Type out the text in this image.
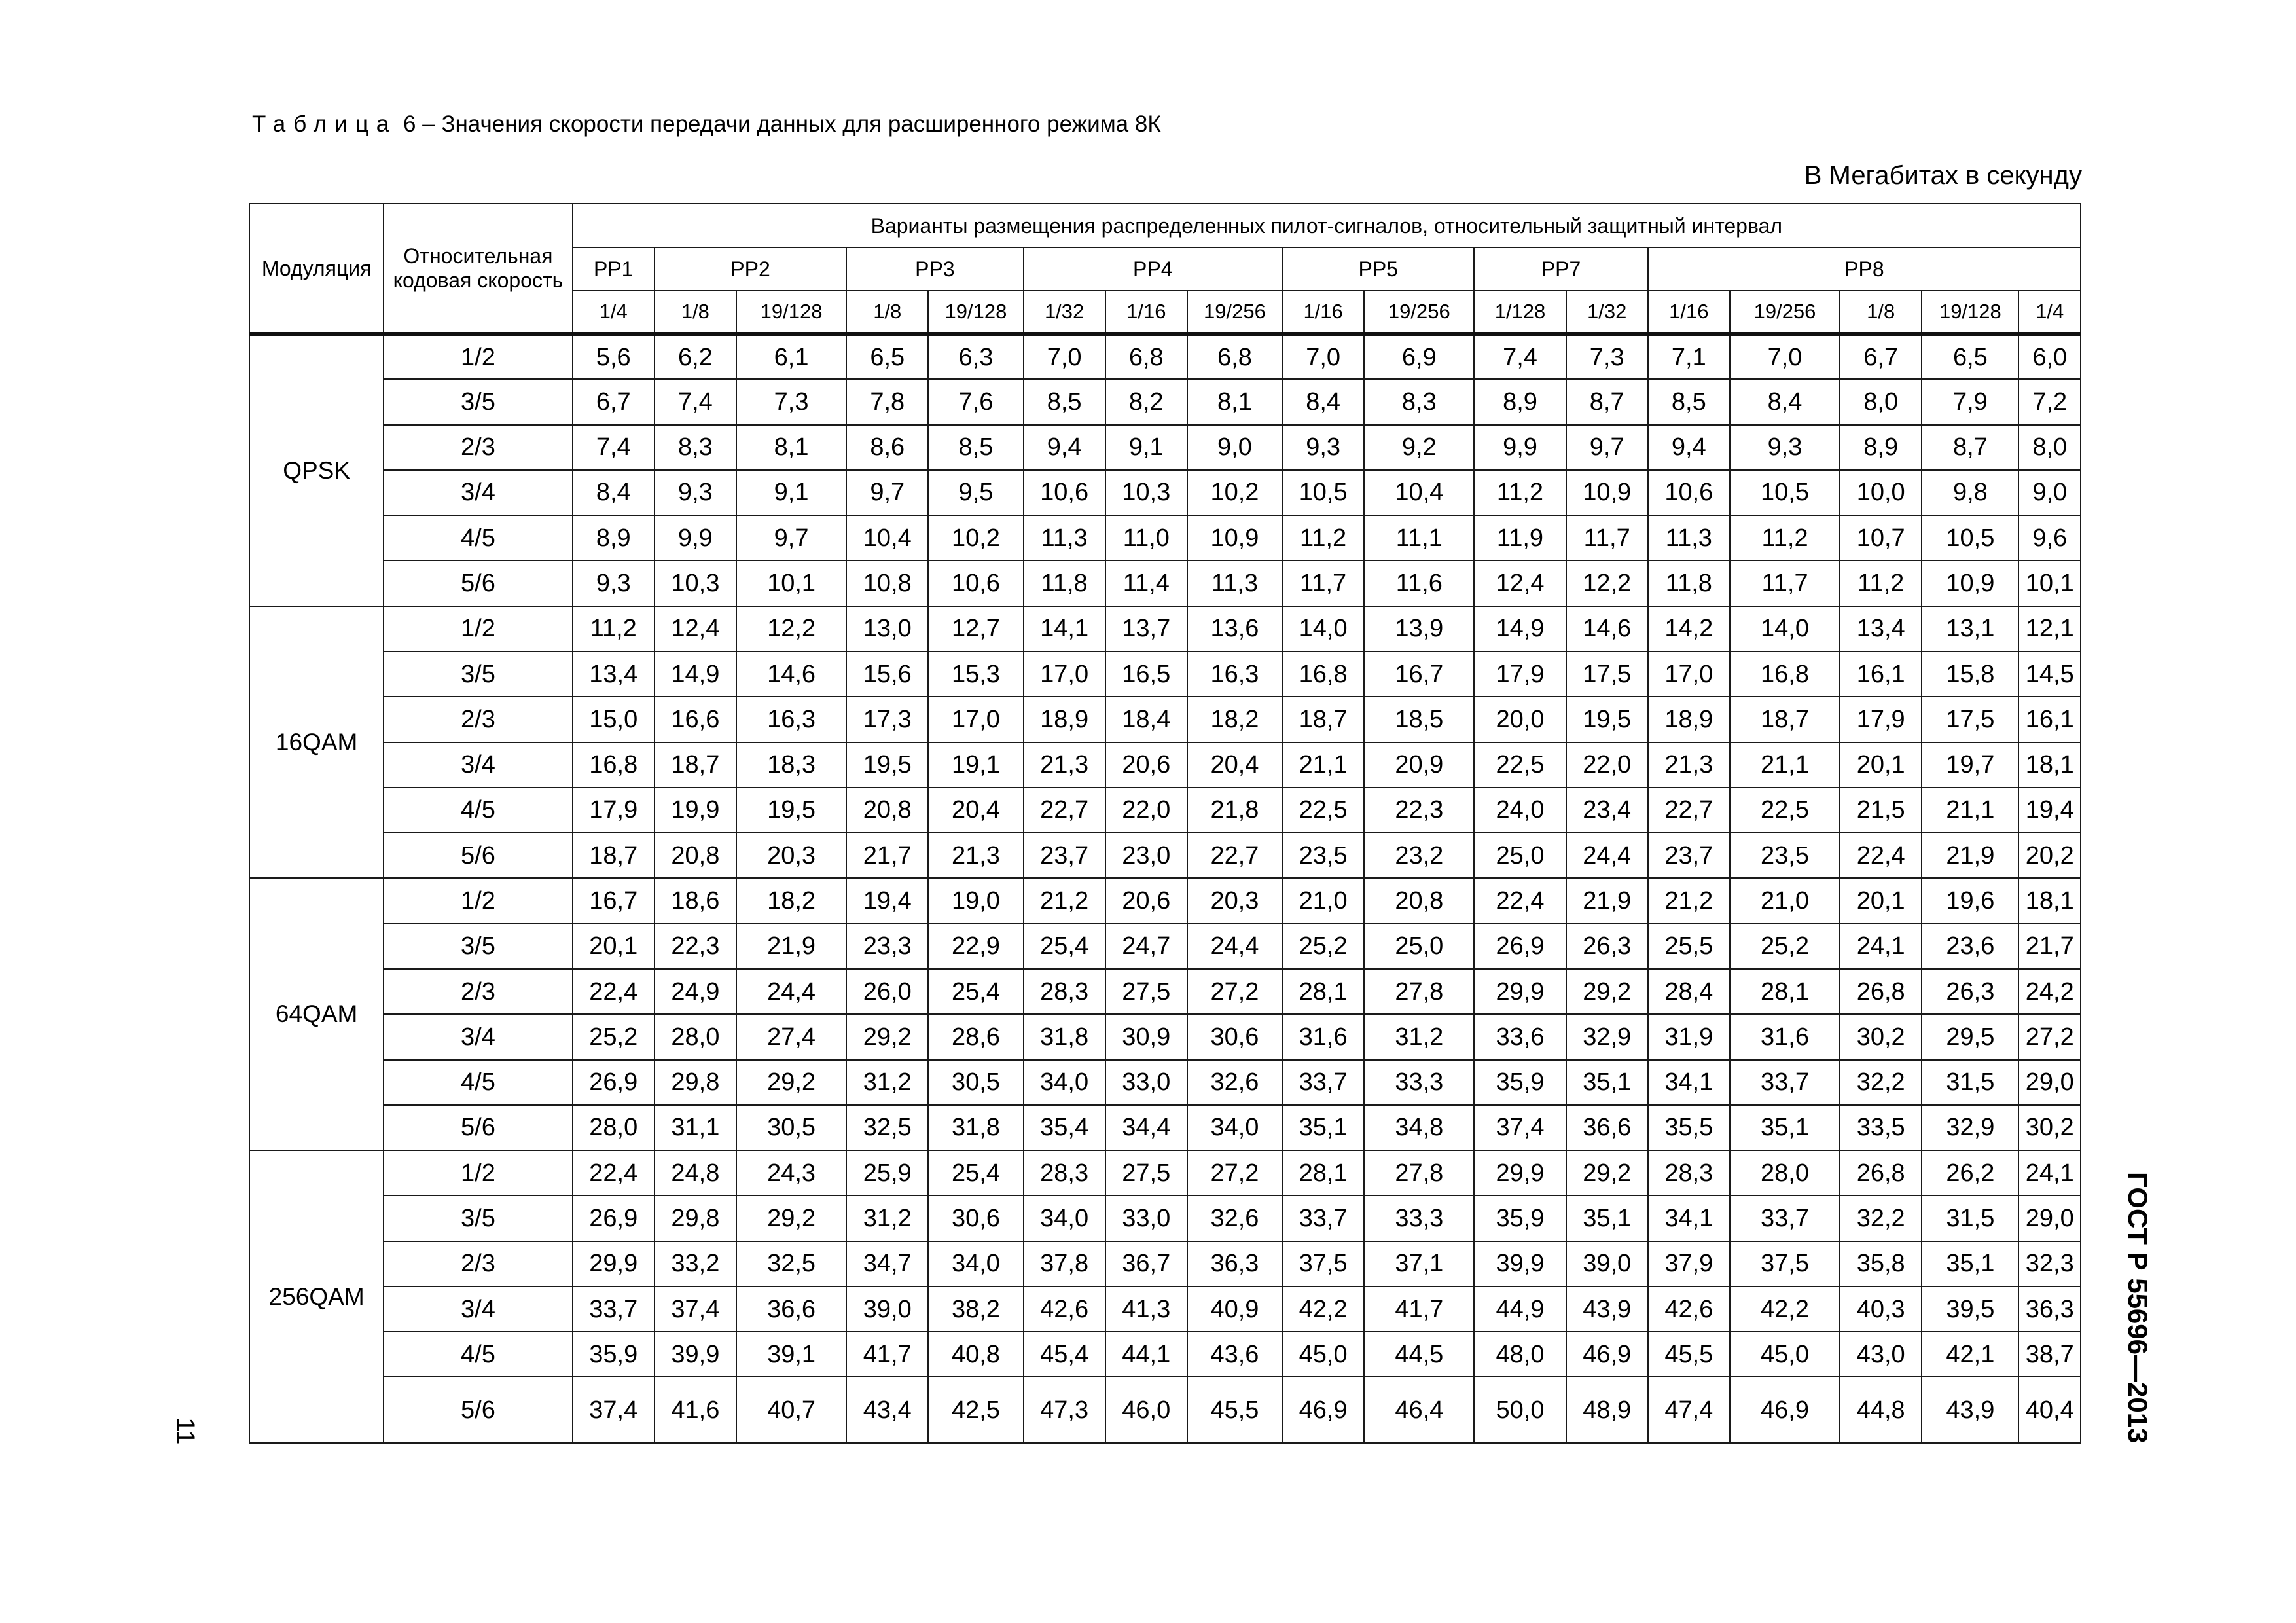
Таблица 6 – Значения скорости передачи данных для расширенного режима 8К
В Мегабитах в секунду
Модуляция	Относительная кодовая скорость	Варианты размещения распределенных пилот-сигналов, относительный защитный интервал																
		PP1	PP2		PP3		PP4			PP5		PP7		PP8				
		1/4	1/8	19/128	1/8	19/128	1/32	1/16	19/256	1/16	19/256	1/128	1/32	1/16	19/256	1/8	19/128	1/4
QPSK	1/2	5,6	6,2	6,1	6,5	6,3	7,0	6,8	6,8	7,0	6,9	7,4	7,3	7,1	7,0	6,7	6,5	6,0
	3/5	6,7	7,4	7,3	7,8	7,6	8,5	8,2	8,1	8,4	8,3	8,9	8,7	8,5	8,4	8,0	7,9	7,2
	2/3	7,4	8,3	8,1	8,6	8,5	9,4	9,1	9,0	9,3	9,2	9,9	9,7	9,4	9,3	8,9	8,7	8,0
	3/4	8,4	9,3	9,1	9,7	9,5	10,6	10,3	10,2	10,5	10,4	11,2	10,9	10,6	10,5	10,0	9,8	9,0
	4/5	8,9	9,9	9,7	10,4	10,2	11,3	11,0	10,9	11,2	11,1	11,9	11,7	11,3	11,2	10,7	10,5	9,6
	5/6	9,3	10,3	10,1	10,8	10,6	11,8	11,4	11,3	11,7	11,6	12,4	12,2	11,8	11,7	11,2	10,9	10,1
16QAM	1/2	11,2	12,4	12,2	13,0	12,7	14,1	13,7	13,6	14,0	13,9	14,9	14,6	14,2	14,0	13,4	13,1	12,1
	3/5	13,4	14,9	14,6	15,6	15,3	17,0	16,5	16,3	16,8	16,7	17,9	17,5	17,0	16,8	16,1	15,8	14,5
	2/3	15,0	16,6	16,3	17,3	17,0	18,9	18,4	18,2	18,7	18,5	20,0	19,5	18,9	18,7	17,9	17,5	16,1
	3/4	16,8	18,7	18,3	19,5	19,1	21,3	20,6	20,4	21,1	20,9	22,5	22,0	21,3	21,1	20,1	19,7	18,1
	4/5	17,9	19,9	19,5	20,8	20,4	22,7	22,0	21,8	22,5	22,3	24,0	23,4	22,7	22,5	21,5	21,1	19,4
	5/6	18,7	20,8	20,3	21,7	21,3	23,7	23,0	22,7	23,5	23,2	25,0	24,4	23,7	23,5	22,4	21,9	20,2
64QAM	1/2	16,7	18,6	18,2	19,4	19,0	21,2	20,6	20,3	21,0	20,8	22,4	21,9	21,2	21,0	20,1	19,6	18,1
	3/5	20,1	22,3	21,9	23,3	22,9	25,4	24,7	24,4	25,2	25,0	26,9	26,3	25,5	25,2	24,1	23,6	21,7
	2/3	22,4	24,9	24,4	26,0	25,4	28,3	27,5	27,2	28,1	27,8	29,9	29,2	28,4	28,1	26,8	26,3	24,2
	3/4	25,2	28,0	27,4	29,2	28,6	31,8	30,9	30,6	31,6	31,2	33,6	32,9	31,9	31,6	30,2	29,5	27,2
	4/5	26,9	29,8	29,2	31,2	30,5	34,0	33,0	32,6	33,7	33,3	35,9	35,1	34,1	33,7	32,2	31,5	29,0
	5/6	28,0	31,1	30,5	32,5	31,8	35,4	34,4	34,0	35,1	34,8	37,4	36,6	35,5	35,1	33,5	32,9	30,2
256QAM	1/2	22,4	24,8	24,3	25,9	25,4	28,3	27,5	27,2	28,1	27,8	29,9	29,2	28,3	28,0	26,8	26,2	24,1
	3/5	26,9	29,8	29,2	31,2	30,6	34,0	33,0	32,6	33,7	33,3	35,9	35,1	34,1	33,7	32,2	31,5	29,0
	2/3	29,9	33,2	32,5	34,7	34,0	37,8	36,7	36,3	37,5	37,1	39,9	39,0	37,9	37,5	35,8	35,1	32,3
	3/4	33,7	37,4	36,6	39,0	38,2	42,6	41,3	40,9	42,2	41,7	44,9	43,9	42,6	42,2	40,3	39,5	36,3
	4/5	35,9	39,9	39,1	41,7	40,8	45,4	44,1	43,6	45,0	44,5	48,0	46,9	45,5	45,0	43,0	42,1	38,7
	5/6	37,4	41,6	40,7	43,4	42,5	47,3	46,0	45,5	46,9	46,4	50,0	48,9	47,4	46,9	44,8	43,9	40,4
11	ГОСТ Р 55696—2013
